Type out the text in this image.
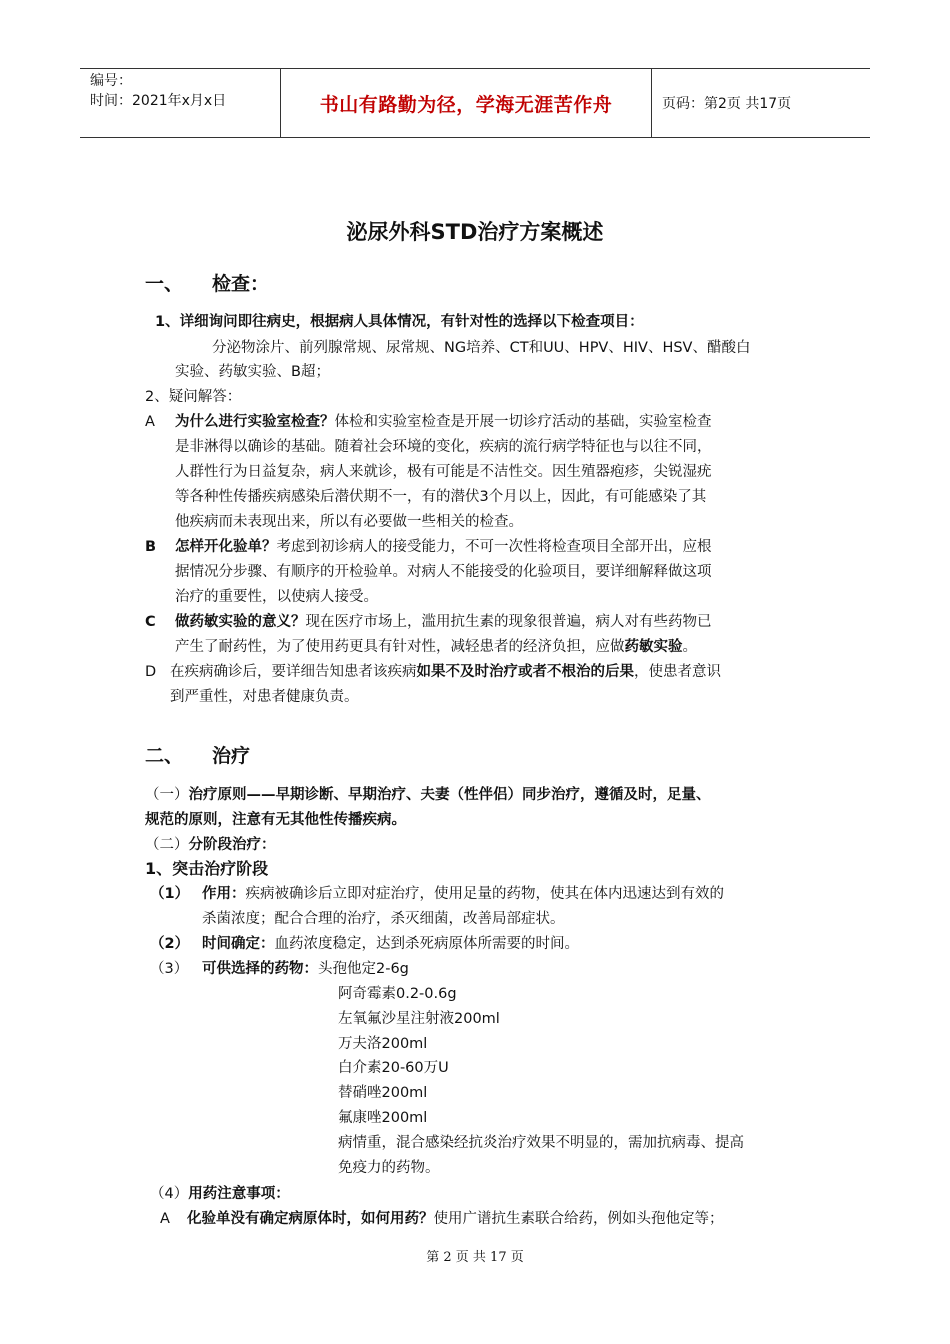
编号：
时间：2021年x月x日	书山有路勤为径，学海无涯苦作舟	页码：第2页 共17页
泌尿外科STD治疗方案概述
一、 检查：
1、详细询问即往病史，根据病人具体情况，有针对性的选择以下检查项目：
分泌物涂片、前列腺常规、尿常规、NG培养、CT和UU、HPV、HIV、HSV、醋酸白
实验、药敏实验、B超；
2、疑问解答：
A 为什么进行实验室检查？体检和实验室检查是开展一切诊疗活动的基础，实验室检查
是非淋得以确诊的基础。随着社会环境的变化，疾病的流行病学特征也与以往不同，
人群性行为日益复杂，病人来就诊，极有可能是不洁性交。因生殖器疱疹，尖锐湿疣
等各种性传播疾病感染后潜伏期不一，有的潜伏3个月以上，因此，有可能感染了其
他疾病而未表现出来，所以有必要做一些相关的检查。
B 怎样开化验单？考虑到初诊病人的接受能力，不可一次性将检查项目全部开出，应根
据情况分步骤、有顺序的开检验单。对病人不能接受的化验项目，要详细解释做这项
治疗的重要性，以使病人接受。
C 做药敏实验的意义？现在医疗市场上，滥用抗生素的现象很普遍，病人对有些药物已
产生了耐药性，为了使用药更具有针对性，减轻患者的经济负担，应做药敏实验。
D 在疾病确诊后，要详细告知患者该疾病如果不及时治疗或者不根治的后果，使患者意识
到严重性，对患者健康负责。
二、 治疗
（一）治疗原则——早期诊断、早期治疗、夫妻（性伴侣）同步治疗，遵循及时，足量、
规范的原则，注意有无其他性传播疾病。
（二）分阶段治疗：
1、突击治疗阶段
（1） 作用：疾病被确诊后立即对症治疗，使用足量的药物，使其在体内迅速达到有效的
杀菌浓度；配合合理的治疗，杀灭细菌，改善局部症状。
（2） 时间确定：血药浓度稳定，达到杀死病原体所需要的时间。
（3） 可供选择的药物：头孢他定2-6g
阿奇霉素0.2-0.6g
左氧氟沙星注射液200ml
万夫洛200ml
白介素20-60万U
替硝唑200ml
氟康唑200ml
病情重，混合感染经抗炎治疗效果不明显的，需加抗病毒、提高
免疫力的药物。
（4）用药注意事项：
A 化验单没有确定病原体时，如何用药？使用广谱抗生素联合给药，例如头孢他定等；
第 2 页 共 17 页
